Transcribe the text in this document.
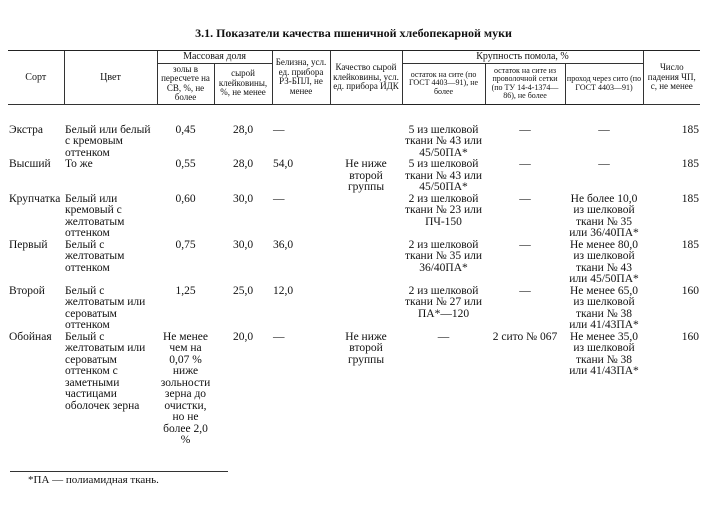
3.1. Показатели качества пшеничной хлебопекарной муки
Сорт	Цвет	Массовая доля		Белизна, усл. ед. прибора РЗ-БПЛ, не менее	Качество сырой клейковины, усл. ед. прибора ИДК	Крупность помола, %			Число падения ЧП, с, не менее
		золы в пересчете на СВ, %, не более	сырой клейковины, %, не менее			остаток на сите (по ГОСТ 4403—91), не более	остаток на сите из проволочной сетки (по ТУ 14-4-1374—86), не более	проход через сито (по ГОСТ 4403—91)	

Экстра	Белый или белый с кремовым оттенком	0,45	28,0	—		5 из шелковой ткани № 43 или 45/50ПА*	—	—	185
Высший	То же	0,55	28,0	54,0	Не ниже второй группы	5 из шелковой ткани № 43 или 45/50ПА*	—	—	185
Крупчатка	Белый или кремовый с желтоватым оттенком	0,60	30,0	—		2 из шелковой ткани № 23 или ПЧ-150	—	Не более 10,0 из шелковой ткани № 35 или 36/40ПА*	185
Первый	Белый с желтоватым оттенком	0,75	30,0	36,0		2 из шелковой ткани № 35 или 36/40ПА*	—	Не менее 80,0 из шелковой ткани № 43 или 45/50ПА*	185
Второй	Белый с желтоватым или сероватым оттенком	1,25	25,0	12,0		2 из шелковой ткани № 27 или ПА*—120	—	Не менее 65,0 из шелковой ткани № 38 или 41/43ПА*	160
Обойная	Белый с желтоватым или сероватым оттенком с заметными частицами оболочек зерна	Не менее чем на 0,07 % ниже зольности зерна до очистки, но не более 2,0 %	20,0	—	Не ниже второй группы	—	2 сито № 067	Не менее 35,0 из шелковой ткани № 38 или 41/43ПА*	160
*ПА — полиамидная ткань.
